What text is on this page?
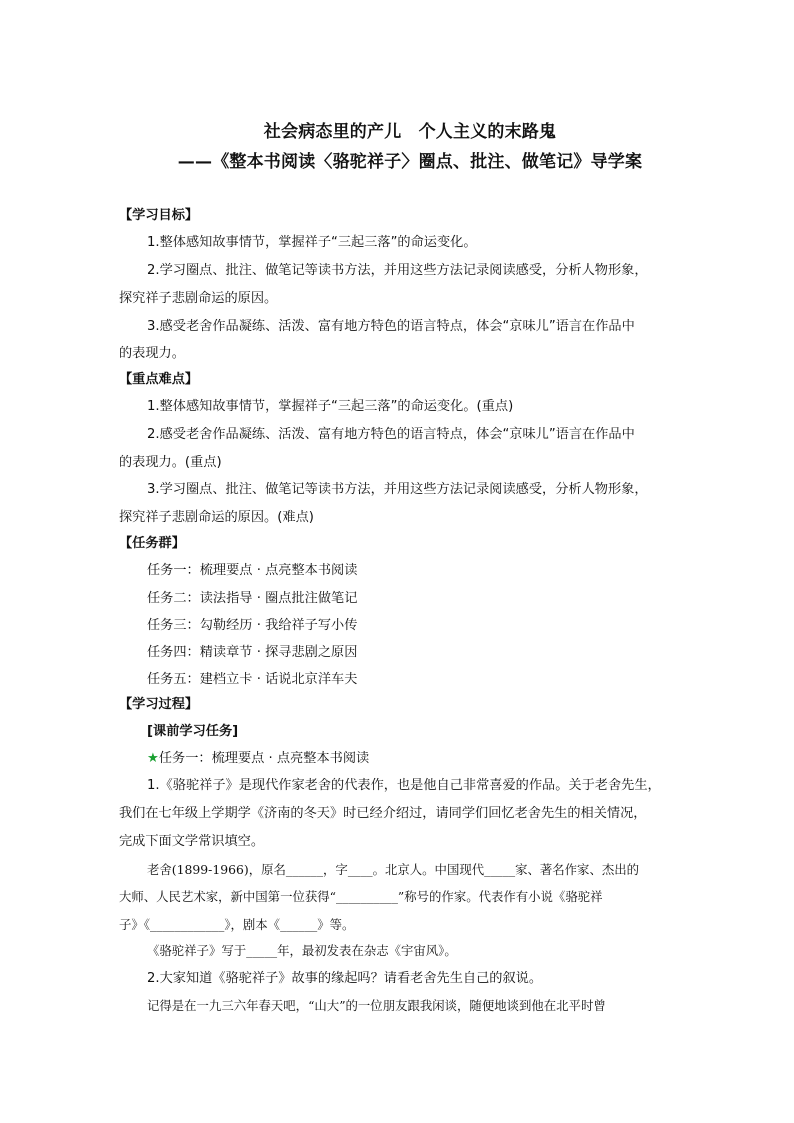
社会病态里的产儿　个人主义的末路鬼
——《整本书阅读〈骆驼祥子〉圈点、批注、做笔记》导学案
【学习目标】
1.整体感知故事情节，掌握祥子“三起三落”的命运变化。
2.学习圈点、批注、做笔记等读书方法，并用这些方法记录阅读感受，分析人物形象，
探究祥子悲剧命运的原因。
3.感受老舍作品凝练、活泼、富有地方特色的语言特点，体会“京味儿”语言在作品中
的表现力。
【重点难点】
1.整体感知故事情节，掌握祥子“三起三落”的命运变化。(重点)
2.感受老舍作品凝练、活泼、富有地方特色的语言特点，体会“京味儿”语言在作品中
的表现力。(重点)
3.学习圈点、批注、做笔记等读书方法，并用这些方法记录阅读感受，分析人物形象，
探究祥子悲剧命运的原因。(难点)
【任务群】
任务一：梳理要点 · 点亮整本书阅读
任务二：读法指导 · 圈点批注做笔记
任务三：勾勒经历 · 我给祥子写小传
任务四：精读章节 · 探寻悲剧之原因
任务五：建档立卡 · 话说北京洋车夫
【学习过程】
[课前学习任务]
★任务一：梳理要点 · 点亮整本书阅读
1.《骆驼祥子》是现代作家老舍的代表作，也是他自己非常喜爱的作品。关于老舍先生，
我们在七年级上学期学《济南的冬天》时已经介绍过，请同学们回忆老舍先生的相关情况，
完成下面文学常识填空。
老舍(1899-1966)，原名______，字____。北京人。中国现代_____家、著名作家、杰出的
大师、人民艺术家，新中国第一位获得“__________”称号的作家。代表作有小说《骆驼祥
子》《____________》，剧本《______》等。
《骆驼祥子》写于_____年，最初发表在杂志《宇宙风》。
2.大家知道《骆驼祥子》故事的缘起吗？请看老舍先生自己的叙说。
记得是在一九三六年春天吧，“山大”的一位朋友跟我闲谈，随便地谈到他在北平时曾
